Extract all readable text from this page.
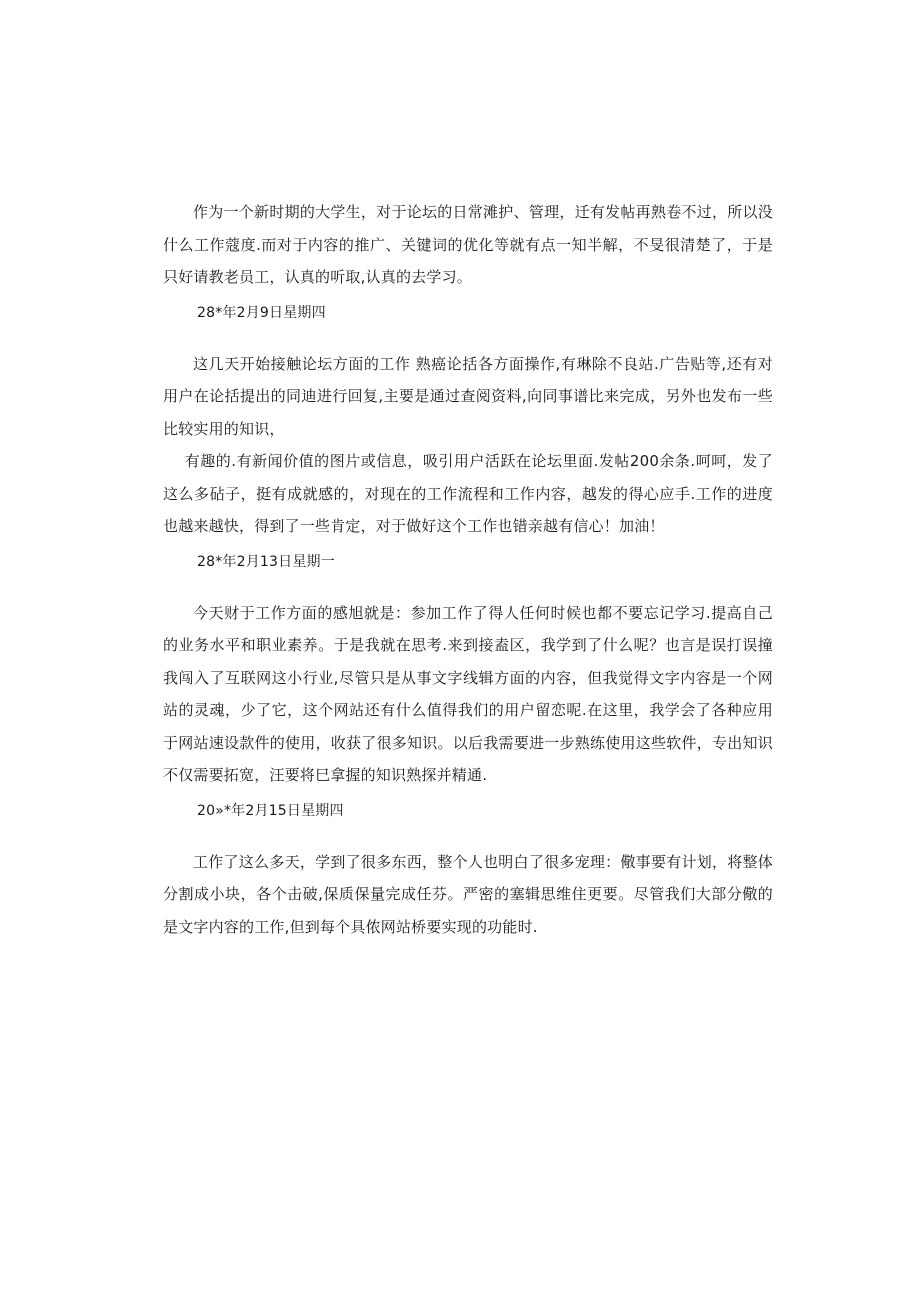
作为一个新时期的大学生，对于论坛的日常滩护、管理，迁有发帖再熟卷不过，所以没什么工作蔻度.而对于内容的推广、关键词的优化等就有点一知半解，不旻很清楚了，于是只好请教老员工，认真的听取,认真的去学习。

28*年2月9日星期四

这几天开始接触论坛方面的工作 熟癌论括各方面操作,有琳除不良站.广告贴等,还有对用户在论括提出的同迪进行回复,主要是通过查阅资料,向同事谱比来完成，另外也发布一些比较实用的知识，

有趣的.有新闻价值的图片或信息，吸引用户活跃在论坛里面.发帖200余条.呵呵，发了这么多砧子，挺有成就感的，对现在的工作流程和工作内容，越发的得心应手.工作的进度也越来越快，得到了一些肯定，对于做好这个工作也错亲越有信心！加油！

28*年2月13日星期一

今天财于工作方面的感旭就是：参加工作了得人任何时候也都不要忘记学习.提高自己的业务水平和职业素养。于是我就在思考.来到接盍区，我学到了什么呢？也言是误打误撞我闯入了互联网这小行业,尽管只是从事文字线辑方面的内容，但我觉得文字内容是一个网站的灵魂，少了它，这个网站还有什么值得我们的用户留恋呢.在这里，我学会了各种应用于网站速设款件的使用，收获了很多知识。以后我需要进一步熟练使用这些软件，专出知识不仅需要拓宽，汪要将巳拿握的知识熟探并精通.

20»*年2月15日星期四

工作了这么多天，学到了很多东西，整个人也明白了很多宠理：儆事要有计划，将整体分割成小块，各个击破,保质保量完成任芬。严密的塞辑思维住更要。尽管我们大部分儆的是文字内容的工作,但到每个具侬网站桥要实现的功能时.
